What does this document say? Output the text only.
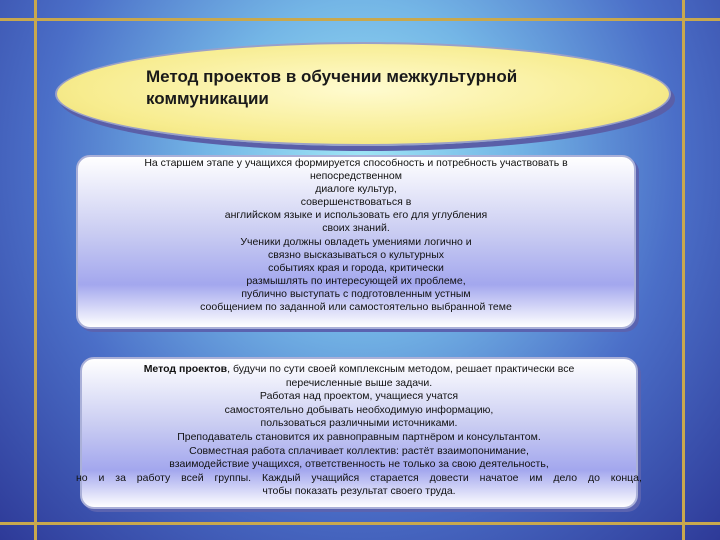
Метод проектов в обучении межкультурной
коммуникации
На старшем этапе у учащихся формируется способность и потребность участвовать в
непосредственном
диалоге культур,
совершенствоваться в
английском языке и использовать его для углубления
своих знаний.
Ученики должны овладеть умениями логично и
связно высказываться о культурных
событиях края и города, критически
размышлять по интересующей их проблеме,
публично выступать с подготовленным устным
сообщением по заданной или самостоятельно выбранной теме
Метод проектов, будучи по сути своей комплексным методом, решает практически все
перечисленные выше задачи.
Работая над проектом, учащиеся учатся
самостоятельно добывать необходимую информацию,
пользоваться различными источниками.
Преподаватель становится их равноправным партнёром и консультантом.
Совместная работа сплачивает коллектив: растёт взаимопонимание,
взаимодействие учащихся, ответственность не только за свою деятельность,
но и за работу всей группы. Каждый учащийся старается довести начатое им дело до конца,
чтобы показать результат своего труда.
